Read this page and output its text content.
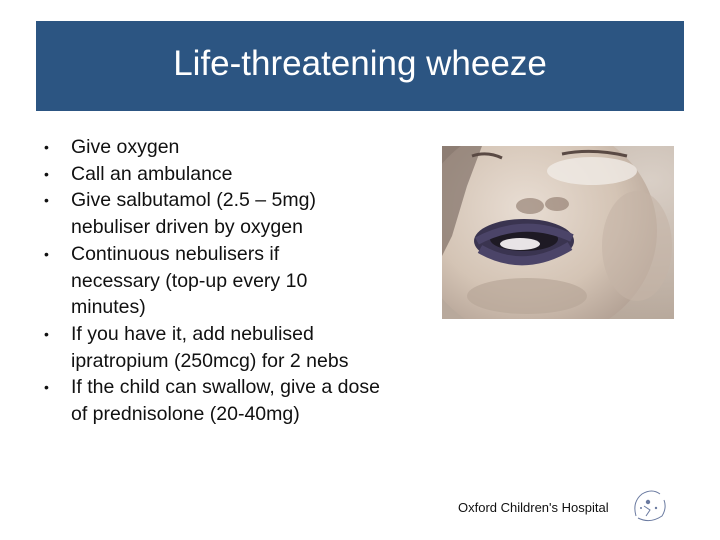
Life-threatening wheeze
• Give oxygen
• Call an ambulance
• Give salbutamol (2.5 – 5mg) nebuliser driven by oxygen
• Continuous nebulisers if necessary (top-up every 10 minutes)
• If you have it, add nebulised ipratropium (250mcg) for 2 nebs
• If the child can swallow, give a dose of prednisolone (20-40mg)
Oxford Children's Hospital
